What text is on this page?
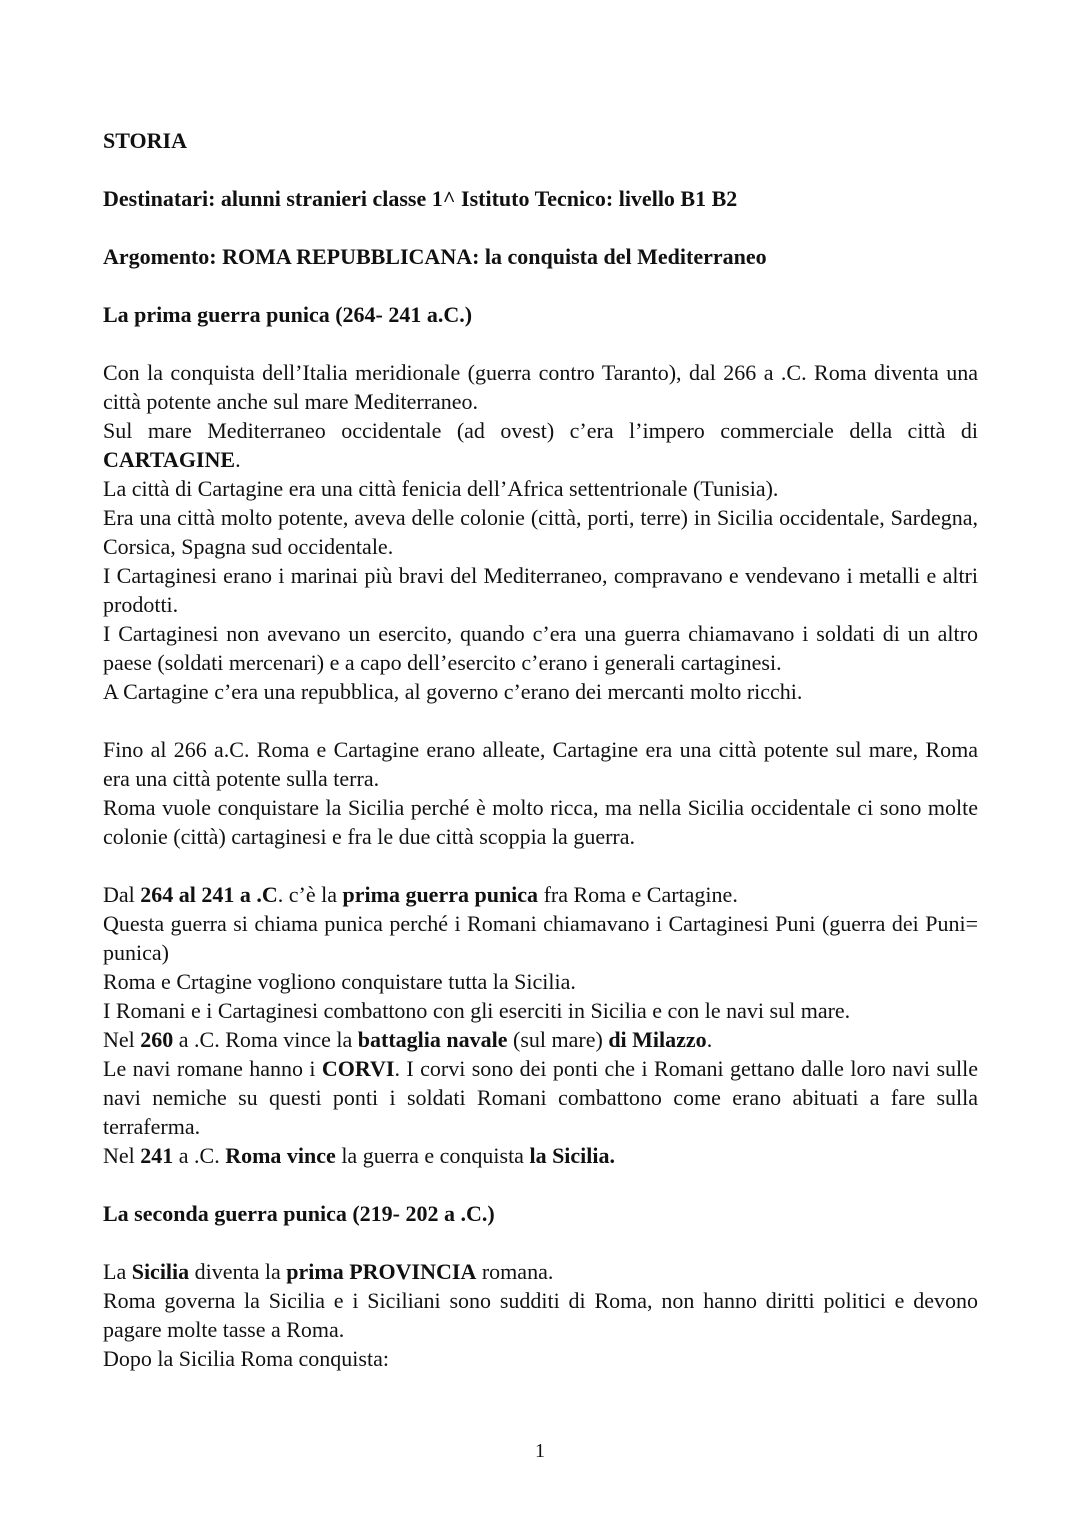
STORIA

Destinatari: alunni stranieri classe 1^ Istituto Tecnico: livello B1 B2

Argomento: ROMA REPUBBLICANA: la conquista del Mediterraneo

La prima guerra punica (264- 241 a.C.)

Con la conquista dell’Italia meridionale (guerra contro Taranto), dal 266 a .C. Roma diventa una città potente anche sul mare Mediterraneo.

Sul mare Mediterraneo occidentale (ad ovest) c’era l’impero commerciale della città di CARTAGINE.

La città di Cartagine era una città fenicia dell’Africa settentrionale (Tunisia).

Era una città molto potente, aveva delle colonie (città, porti, terre) in Sicilia occidentale, Sardegna, Corsica, Spagna sud occidentale.

I Cartaginesi erano i marinai più bravi del Mediterraneo, compravano e vendevano i metalli e altri prodotti.

I Cartaginesi non avevano un esercito, quando c’era una guerra chiamavano i soldati di un altro paese (soldati mercenari) e a capo dell’esercito c’erano i generali cartaginesi.

A Cartagine c’era una repubblica, al governo c’erano dei mercanti molto ricchi.

Fino al 266 a.C. Roma e Cartagine erano alleate, Cartagine era una città potente sul mare, Roma era una città potente sulla terra.

Roma vuole conquistare la Sicilia perché è molto ricca, ma nella Sicilia occidentale ci sono molte colonie (città) cartaginesi e fra le due città scoppia la guerra.

Dal 264 al 241 a .C. c’è la prima guerra punica fra Roma e Cartagine.

Questa guerra si chiama punica perché i Romani chiamavano i Cartaginesi Puni (guerra dei Puni= punica)

Roma e Crtagine vogliono conquistare tutta la Sicilia.

I Romani e i Cartaginesi combattono con gli eserciti in Sicilia e con le navi sul mare.

Nel 260 a .C. Roma vince la battaglia navale (sul mare) di Milazzo.

Le navi romane hanno i CORVI. I corvi sono dei ponti che i Romani gettano dalle loro navi sulle navi nemiche su questi ponti i soldati Romani combattono come erano abituati a fare sulla terraferma.

Nel 241 a .C. Roma vince la guerra e conquista la Sicilia.

La seconda guerra punica (219- 202 a .C.)

La Sicilia diventa la prima PROVINCIA romana.

Roma governa la Sicilia e i Siciliani sono sudditi di Roma, non hanno diritti politici e devono pagare molte tasse a Roma.

Dopo la Sicilia Roma conquista:

1
